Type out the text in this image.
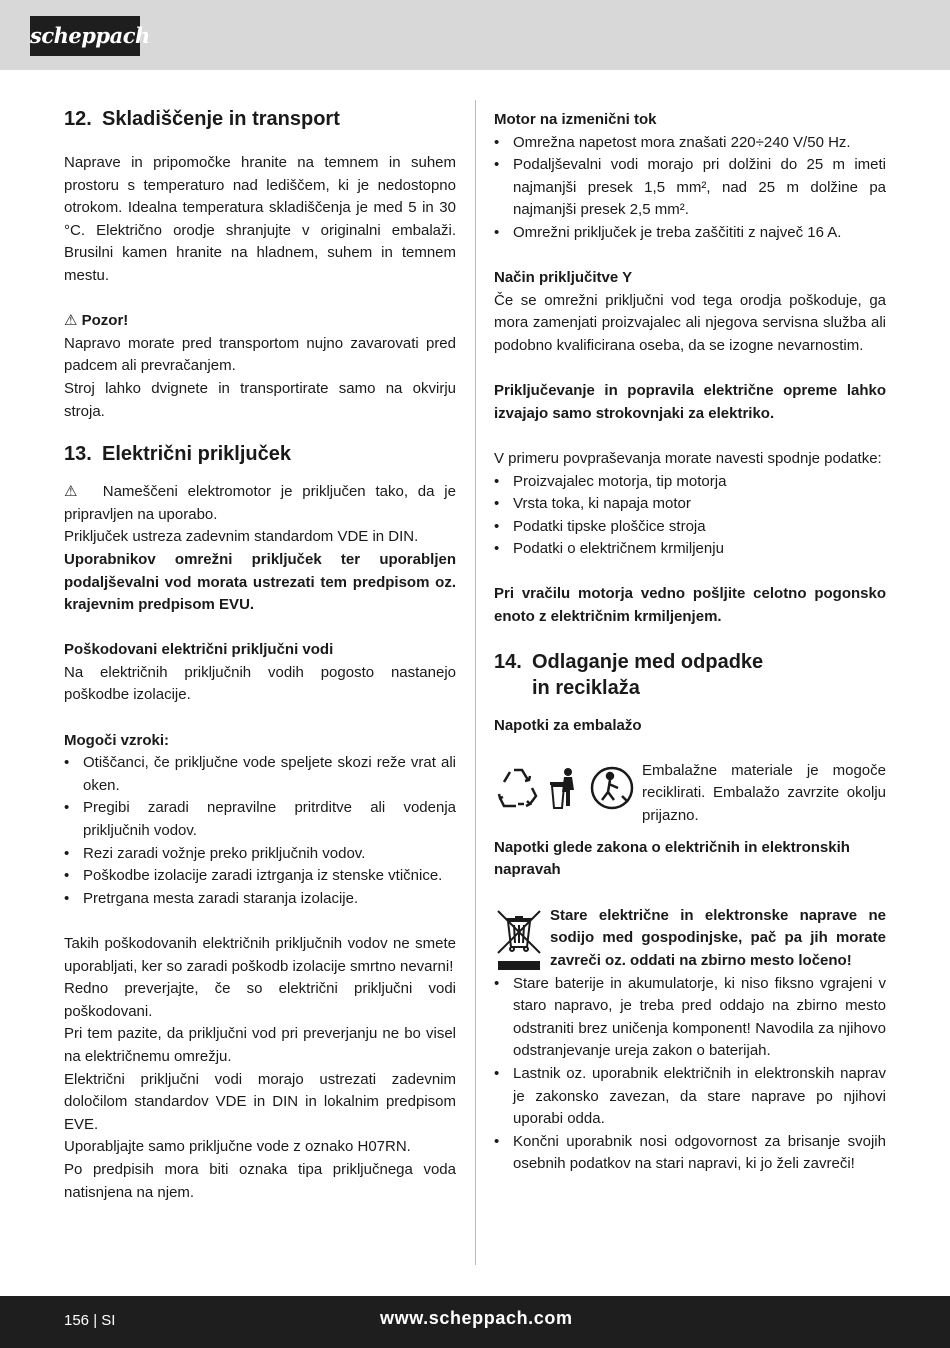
scheppach
12. Skladiščenje in transport

Naprave in pripomočke hranite na temnem in suhem prostoru s temperaturo nad lediščem, ki je nedostopno otrokom. Idealna temperatura skladiščenja je med 5 in 30 °C. Električno orodje shranjujte v originalni embalaži. Brusilni kamen hranite na hladnem, suhem in temnem mestu.

⚠ Pozor!

Napravo morate pred transportom nujno zavarovati pred padcem ali prevračanjem.

Stroj lahko dvignete in transportirate samo na okvirju stroja.

13. Električni priključek

⚠ Nameščeni elektromotor je priključen tako, da je pripravljen na uporabo.

Priključek ustreza zadevnim standardom VDE in DIN.

Uporabnikov omrežni priključek ter uporabljen podaljševalni vod morata ustrezati tem predpisom oz. krajevnim predpisom EVU.

Poškodovani električni priključni vodi

Na električnih priključnih vodih pogosto nastanejo poškodbe izolacije.

Mogoči vzroki:

• Otiščanci, če priključne vode speljete skozi reže vrat ali oken.
• Pregibi zaradi nepravilne pritrditve ali vodenja priključnih vodov.
• Rezi zaradi vožnje preko priključnih vodov.
• Poškodbe izolacije zaradi iztrganja iz stenske vtičnice.
• Pretrgana mesta zaradi staranja izolacije.

Takih poškodovanih električnih priključnih vodov ne smete uporabljati, ker so zaradi poškodb izolacije smrtno nevarni!

Redno preverjajte, če so električni priključni vodi poškodovani.

Pri tem pazite, da priključni vod pri preverjanju ne bo visel na električnemu omrežju.

Električni priključni vodi morajo ustrezati zadevnim določilom standardov VDE in DIN in lokalnim predpisom EVE.

Uporabljajte samo priključne vode z oznako H07RN.

Po predpisih mora biti oznaka tipa priključnega voda natisnjena na njem.

Motor na izmenični tok

• Omrežna napetost mora znašati 220÷240 V/50 Hz.
• Podaljševalni vodi morajo pri dolžini do 25 m imeti najmanjši presek 1,5 mm², nad 25 m dolžine pa najmanjši presek 2,5 mm².
• Omrežni priključek je treba zaščititi z največ 16 A.

Način priključitve Y

Če se omrežni priključni vod tega orodja poškoduje, ga mora zamenjati proizvajalec ali njegova servisna služba ali podobno kvalificirana oseba, da se izogne nevarnostim.

Priključevanje in popravila električne opreme lahko izvajajo samo strokovnjaki za elektriko.

V primeru povpraševanja morate navesti spodnje podatke:

• Proizvajalec motorja, tip motorja
• Vrsta toka, ki napaja motor
• Podatki tipske ploščice stroja
• Podatki o električnem krmiljenju

Pri vračilu motorja vedno pošljite celotno pogonsko enoto z električnim krmiljenjem.

14. Odlaganje med odpadke
in reciklaža

Napotki za embalažo

Embalažne materiale je mogoče reciklirati. Embalažo zavrzite okolju prijazno.

Napotki glede zakona o električnih in elektronskih napravah

Stare električne in elektronske naprave ne sodijo med gospodinjske, pač pa jih morate zavreči oz. oddati na zbirno mesto ločeno!

• Stare baterije in akumulatorje, ki niso fiksno vgrajeni v staro napravo, je treba pred oddajo na zbirno mesto odstraniti brez uničenja komponent! Navodila za njihovo odstranjevanje ureja zakon o baterijah.
• Lastnik oz. uporabnik električnih in elektronskih naprav je zakonsko zavezan, da stare naprave po njihovi uporabi odda.
• Končni uporabnik nosi odgovornost za brisanje svojih osebnih podatkov na stari napravi, ki jo želi zavreči!
156 | SI	www.scheppach.com
